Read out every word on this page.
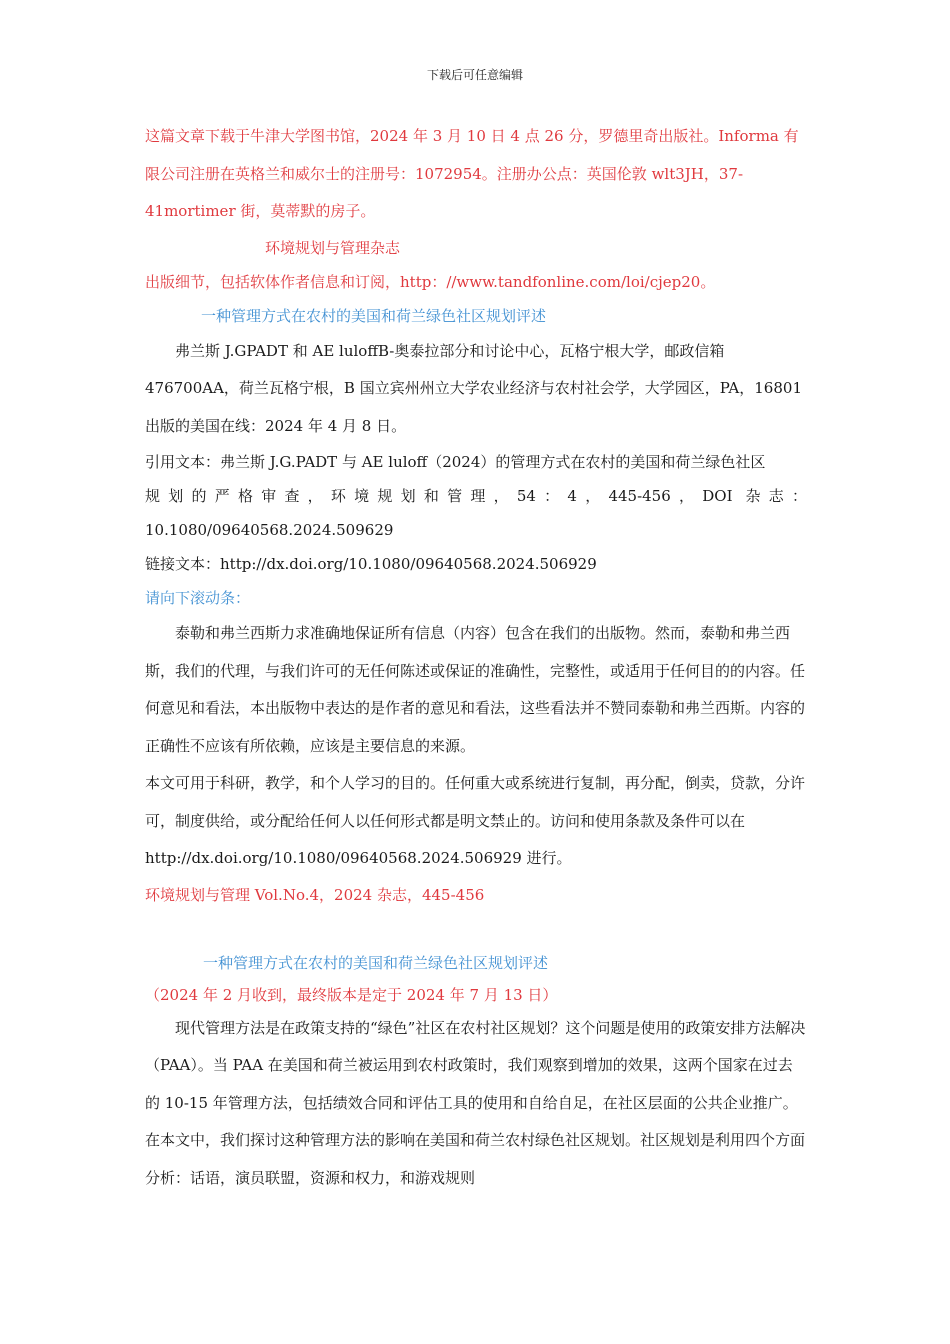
下载后可任意编辑

这篇文章下载于牛津大学图书馆，2024 年 3 月 10 日 4 点 26 分，罗德里奇出版社。Informa 有限公司注册在英格兰和威尔士的注册号：1072954。注册办公点：英国伦敦 wlt3JH，37-41mortimer 街，莫蒂默的房子。

环境规划与管理杂志

出版细节，包括软体作者信息和订阅，http：//www.tandfonline.com/loi/cjep20。

一种管理方式在农村的美国和荷兰绿色社区规划评述

弗兰斯 J.GPADT 和 AE luloffB-奥泰拉部分和讨论中心，瓦格宁根大学，邮政信箱 476700AA，荷兰瓦格宁根，B 国立宾州州立大学农业经济与农村社会学，大学园区，PA，16801 出版的美国在线：2024 年 4 月 8 日。

引用文本：弗兰斯 J.G.PADT 与 AE luloff（2024）的管理方式在农村的美国和荷兰绿色社区

规划的严格审查，环境规划和管理，54：4，445-456，DOI 杂志：

10.1080/09640568.2024.509629

链接文本：http://dx.doi.org/10.1080/09640568.2024.506929

请向下滚动条：

泰勒和弗兰西斯力求准确地保证所有信息（内容）包含在我们的出版物。然而，泰勒和弗兰西斯，我们的代理，与我们许可的无任何陈述或保证的准确性，完整性，或适用于任何目的的内容。任何意见和看法，本出版物中表达的是作者的意见和看法，这些看法并不赞同泰勒和弗兰西斯。内容的正确性不应该有所依赖，应该是主要信息的来源。

本文可用于科研，教学，和个人学习的目的。任何重大或系统进行复制，再分配，倒卖，贷款，分许可，制度供给，或分配给任何人以任何形式都是明文禁止的。访问和使用条款及条件可以在 http://dx.doi.org/10.1080/09640568.2024.506929 进行。

环境规划与管理 Vol.No.4，2024 杂志，445-456

一种管理方式在农村的美国和荷兰绿色社区规划评述

（2024 年 2 月收到，最终版本是定于 2024 年 7 月 13 日）

现代管理方法是在政策支持的“绿色”社区在农村社区规划？这个问题是使用的政策安排方法解决（PAA）。当 PAA 在美国和荷兰被运用到农村政策时，我们观察到增加的效果，这两个国家在过去的 10-15 年管理方法，包括绩效合同和评估工具的使用和自给自足，在社区层面的公共企业推广。在本文中，我们探讨这种管理方法的影响在美国和荷兰农村绿色社区规划。社区规划是利用四个方面分析：话语，演员联盟，资源和权力，和游戏规则
